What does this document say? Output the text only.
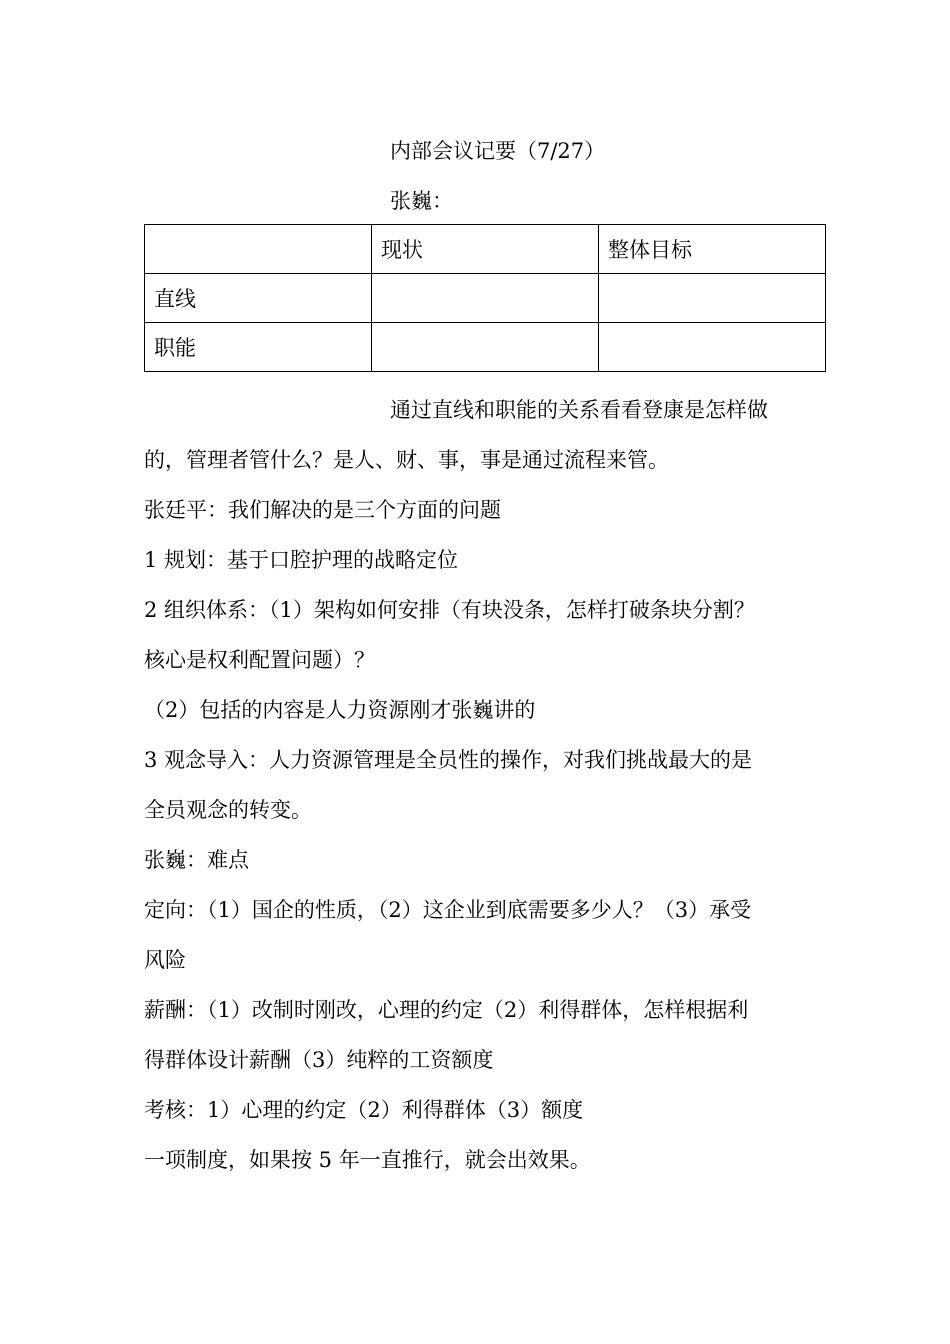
内部会议记要（7/27）
张巍：
	现状	整体目标
直线		
职能		

通过直线和职能的关系看看登康是怎样做

的，管理者管什么？是人、财、事，事是通过流程来管。

张廷平：我们解决的是三个方面的问题

1 规划：基于口腔护理的战略定位

2 组织体系：（1）架构如何安排（有块没条，怎样打破条块分割？

核心是权利配置问题）？

（2）包括的内容是人力资源刚才张巍讲的

3 观念导入：人力资源管理是全员性的操作，对我们挑战最大的是

全员观念的转变。

张巍：难点

定向：（1）国企的性质，（2）这企业到底需要多少人？（3）承受

风险

薪酬：（1）改制时刚改，心理的约定（2）利得群体，怎样根据利

得群体设计薪酬（3）纯粹的工资额度

考核：1）心理的约定（2）利得群体（3）额度

一项制度，如果按 5 年一直推行，就会出效果。
